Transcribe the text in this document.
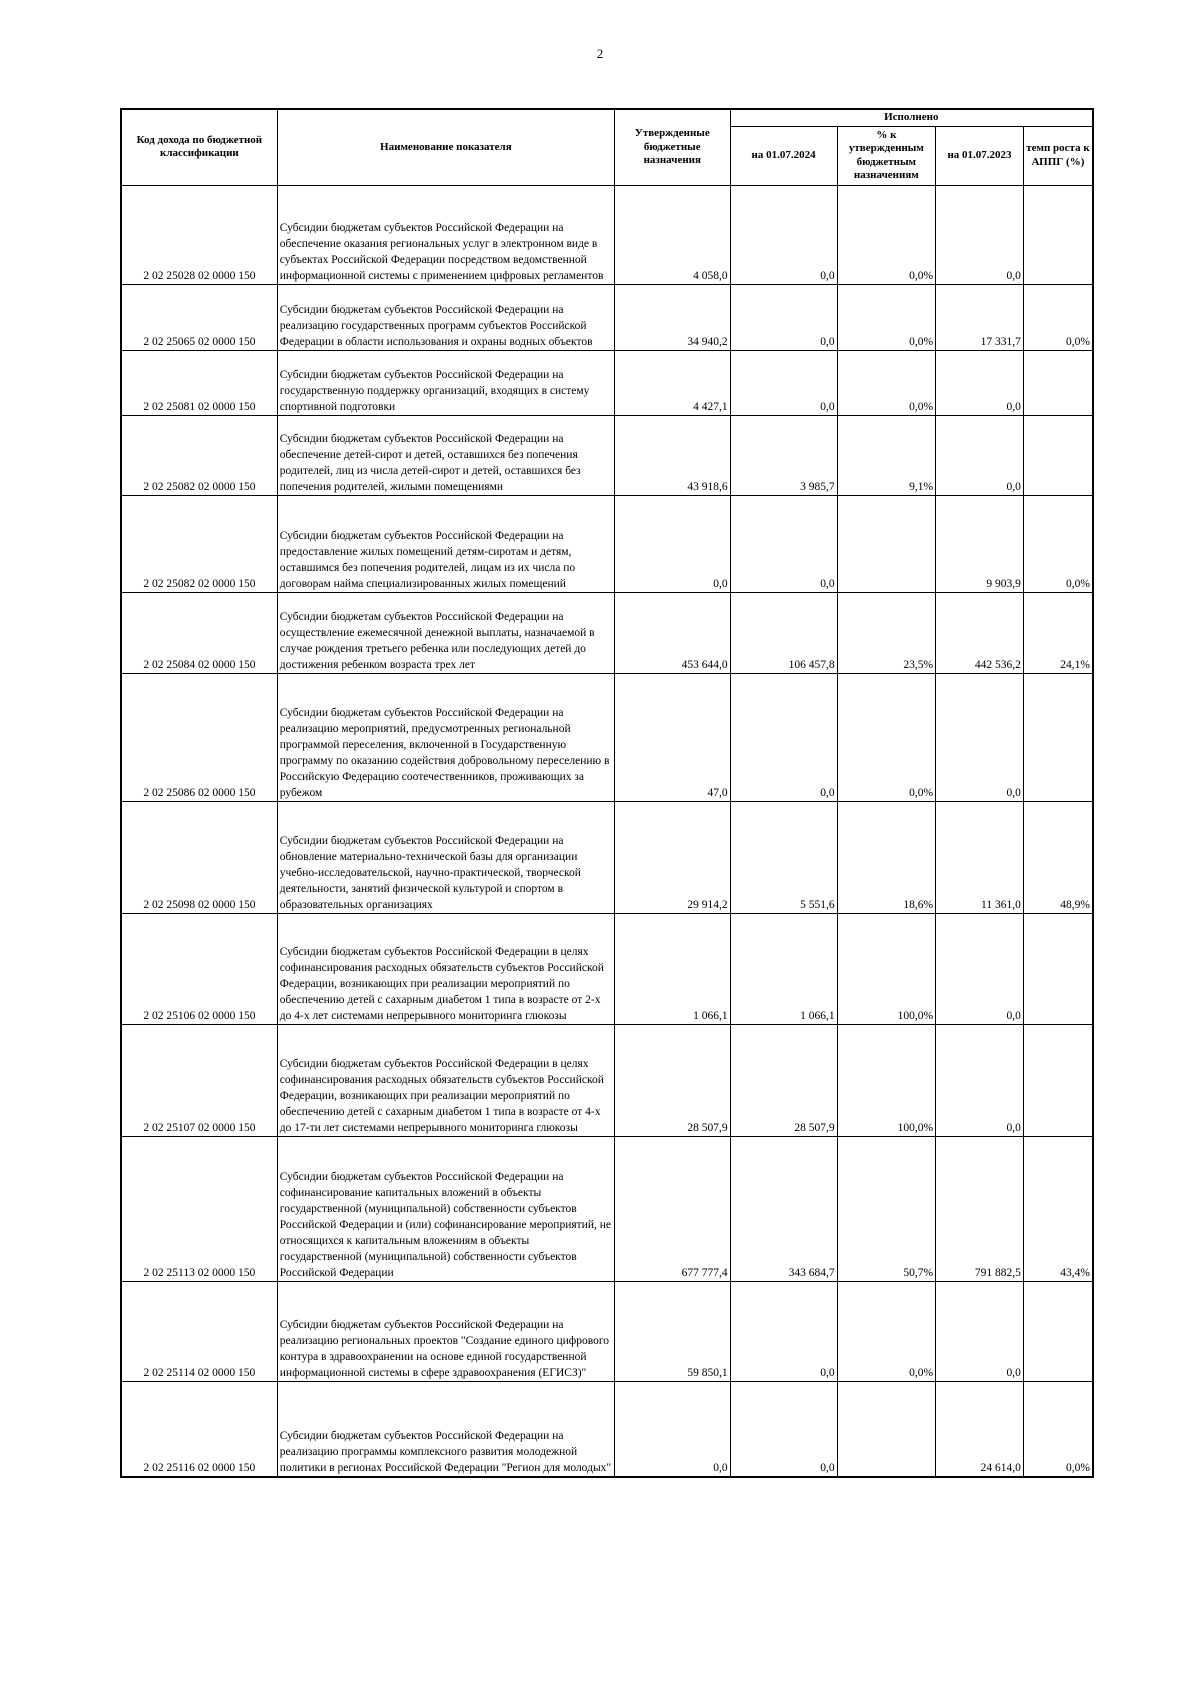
2
Код дохода по бюджетной классификации	Наименование показателя	Утвержденные бюджетные назначения	Исполнено			
			на 01.07.2024	% к утвержденным бюджетным назначениям	на 01.07.2023	темп роста к АППГ (%)
2 02 25028 02 0000 150	Субсидии бюджетам субъектов Российской Федерации на обеспечение оказания региональных услуг в электронном виде в субъектах Российской Федерации посредством ведомственной информационной системы с применением цифровых регламентов	4 058,0	0,0	0,0%	0,0	
2 02 25065 02 0000 150	Субсидии бюджетам субъектов Российской Федерации на реализацию государственных программ субъектов Российской Федерации в области использования и охраны водных объектов	34 940,2	0,0	0,0%	17 331,7	0,0%
2 02 25081 02 0000 150	Субсидии бюджетам субъектов Российской Федерации на государственную поддержку организаций, входящих в систему спортивной подготовки	4 427,1	0,0	0,0%	0,0	
2 02 25082 02 0000 150	Субсидии бюджетам субъектов Российской Федерации на обеспечение детей-сирот и детей, оставшихся без попечения родителей, лиц из числа детей-сирот и детей, оставшихся без попечения родителей, жилыми помещениями	43 918,6	3 985,7	9,1%	0,0	
2 02 25082 02 0000 150	Субсидии бюджетам субъектов Российской Федерации на предоставление жилых помещений детям-сиротам и детям, оставшимся без попечения родителей, лицам из их числа по договорам найма специализированных жилых помещений	0,0	0,0		9 903,9	0,0%
2 02 25084 02 0000 150	Субсидии бюджетам субъектов Российской Федерации на осуществление ежемесячной денежной выплаты, назначаемой в случае рождения третьего ребенка или последующих детей до достижения ребенком возраста трех лет	453 644,0	106 457,8	23,5%	442 536,2	24,1%
2 02 25086 02 0000 150	Субсидии бюджетам субъектов Российской Федерации на реализацию мероприятий, предусмотренных региональной программой переселения, включенной в Государственную программу по оказанию содействия добровольному переселению в Российскую Федерацию соотечественников, проживающих за рубежом	47,0	0,0	0,0%	0,0	
2 02 25098 02 0000 150	Субсидии бюджетам субъектов Российской Федерации на обновление материально-технической базы для организации учебно-исследовательской, научно-практической, творческой деятельности, занятий физической культурой и спортом в образовательных организациях	29 914,2	5 551,6	18,6%	11 361,0	48,9%
2 02 25106 02 0000 150	Субсидии бюджетам субъектов Российской Федерации в целях софинансирования расходных обязательств субъектов Российской Федерации, возникающих при реализации мероприятий по обеспечению детей с сахарным диабетом 1 типа в возрасте от 2-х до 4-х лет системами непрерывного мониторинга глюкозы	1 066,1	1 066,1	100,0%	0,0	
2 02 25107 02 0000 150	Субсидии бюджетам субъектов Российской Федерации в целях софинансирования расходных обязательств субъектов Российской Федерации, возникающих при реализации мероприятий по обеспечению детей с сахарным диабетом 1 типа в возрасте от 4-х до 17-ти лет системами непрерывного мониторинга глюкозы	28 507,9	28 507,9	100,0%	0,0	
2 02 25113 02 0000 150	Субсидии бюджетам субъектов Российской Федерации на софинансирование капитальных вложений в объекты государственной (муниципальной) собственности субъектов Российской Федерации и (или) софинансирование мероприятий, не относящихся к капитальным вложениям в объекты государственной (муниципальной) собственности субъектов Российской Федерации	677 777,4	343 684,7	50,7%	791 882,5	43,4%
2 02 25114 02 0000 150	Субсидии бюджетам субъектов Российской Федерации на реализацию региональных проектов "Создание единого цифрового контура в здравоохранении на основе единой государственной информационной системы в сфере здравоохранения (ЕГИСЗ)"	59 850,1	0,0	0,0%	0,0	
2 02 25116 02 0000 150	Субсидии бюджетам субъектов Российской Федерации на реализацию программы комплексного развития молодежной политики в регионах Российской Федерации "Регион для молодых"	0,0	0,0		24 614,0	0,0%
